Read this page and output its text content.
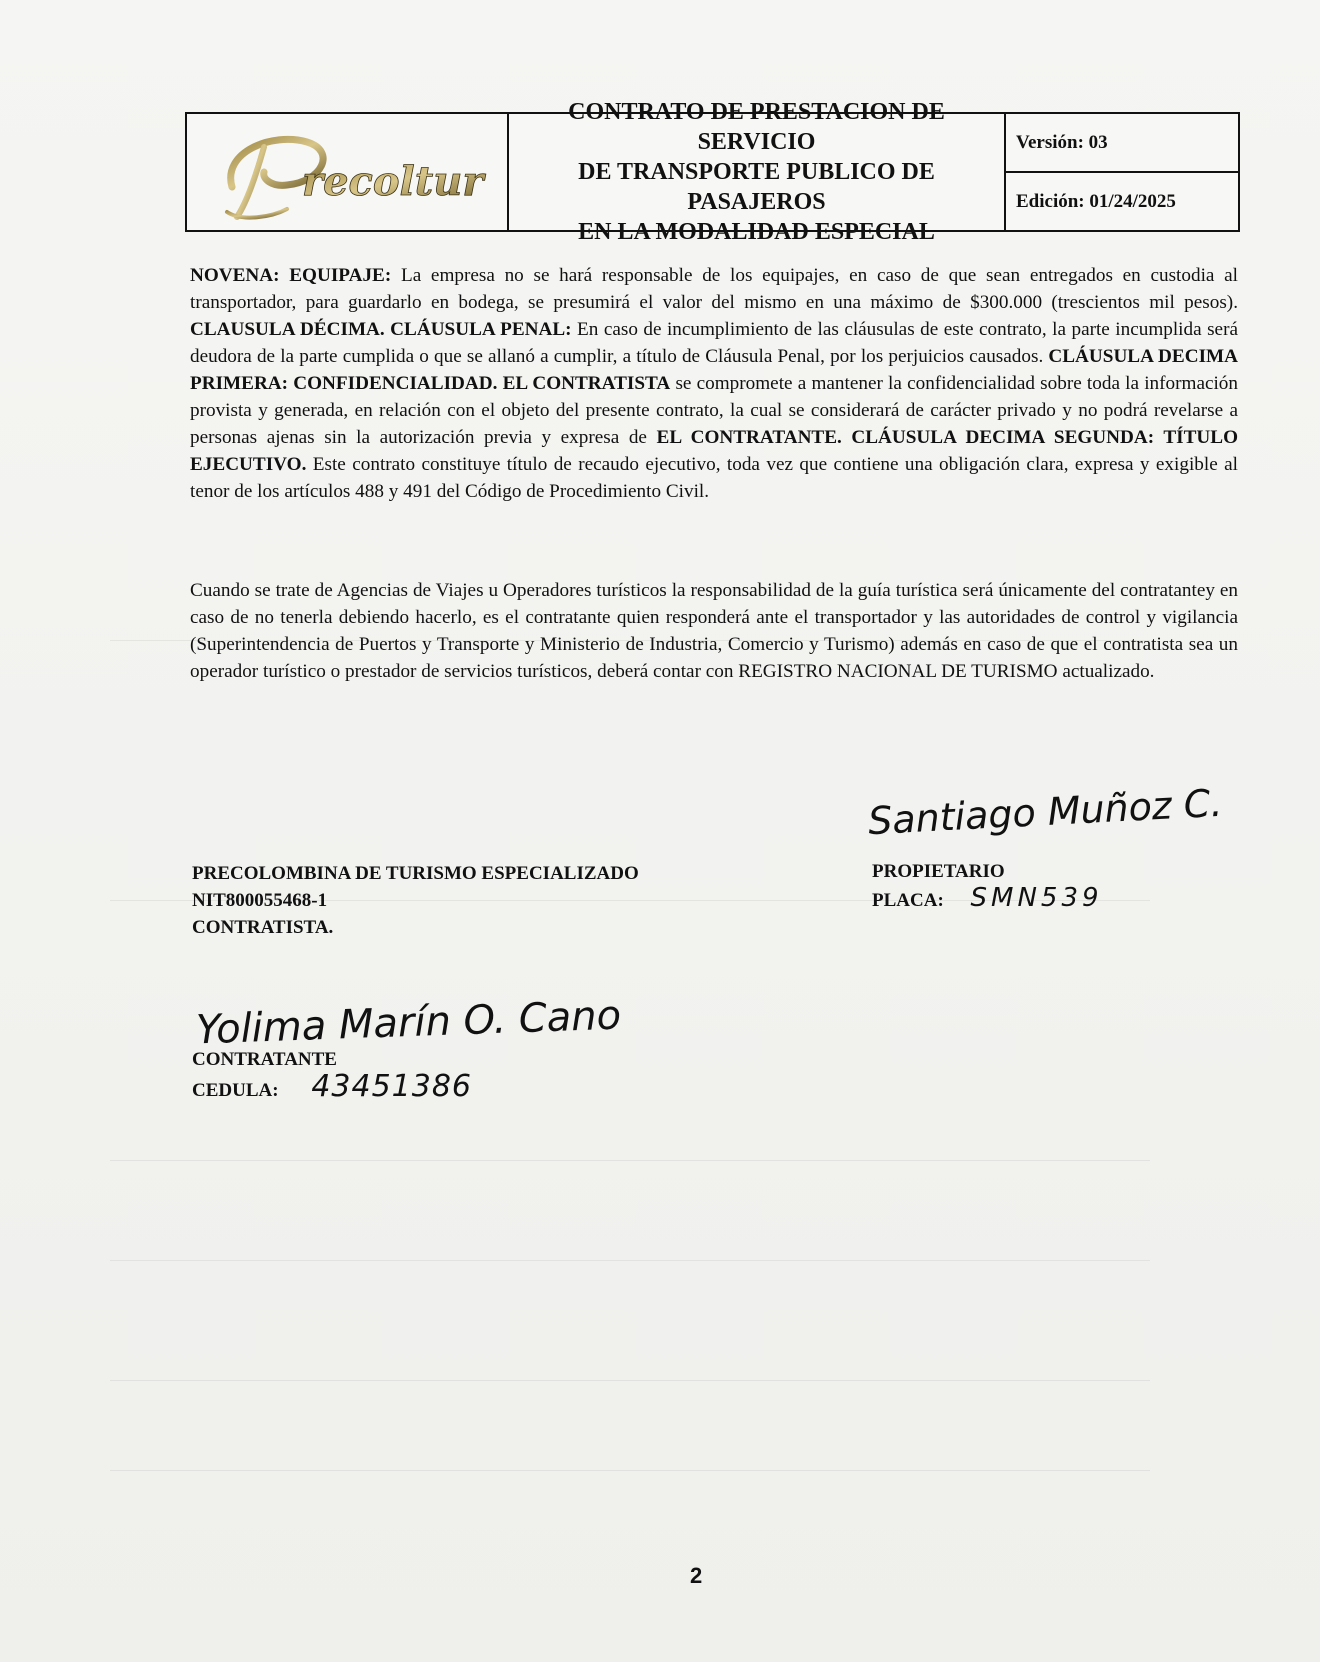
recoltur
CONTRATO DE PRESTACION DE SERVICIO
DE TRANSPORTE PUBLICO DE PASAJEROS
EN LA MODALIDAD ESPECIAL
Versión: 03
Edición: 01/24/2025
NOVENA: EQUIPAJE: La empresa no se hará responsable de los equipajes, en caso de que sean entregados en custodia al transportador, para guardarlo en bodega, se presumirá el valor del mismo en una máximo de $300.000 (trescientos mil pesos). CLAUSULA DÉCIMA. CLÁUSULA PENAL: En caso de incumplimiento de las cláusulas de este contrato, la parte incumplida será deudora de la parte cumplida o que se allanó a cumplir, a título de Cláusula Penal, por los perjuicios causados. CLÁUSULA DECIMA PRIMERA: CONFIDENCIALIDAD. EL CONTRATISTA se compromete a mantener la confidencialidad sobre toda la información provista y generada, en relación con el objeto del presente contrato, la cual se considerará de carácter privado y no podrá revelarse a personas ajenas sin la autorización previa y expresa de EL CONTRATANTE. CLÁUSULA DECIMA SEGUNDA: TÍTULO EJECUTIVO. Este contrato constituye título de recaudo ejecutivo, toda vez que contiene una obligación clara, expresa y exigible al tenor de los artículos 488 y 491 del Código de Procedimiento Civil.
Cuando se trate de Agencias de Viajes u Operadores turísticos la responsabilidad de la guía turística será únicamente del contratantey en caso de no tenerla debiendo hacerlo, es el contratante quien responderá ante el transportador y las autoridades de control y vigilancia (Superintendencia de Puertos y Transporte y Ministerio de Industria, Comercio y Turismo) además en caso de que el contratista sea un operador turístico o prestador de servicios turísticos, deberá contar con REGISTRO NACIONAL DE TURISMO actualizado.
Santiago Muñoz C.
PROPIETARIO
PLACA: SMN539
PRECOLOMBINA DE TURISMO ESPECIALIZADO
NIT800055468-1
CONTRATISTA.
Yolima Marín O. Cano
CONTRATANTE
CEDULA: 43451386
2
